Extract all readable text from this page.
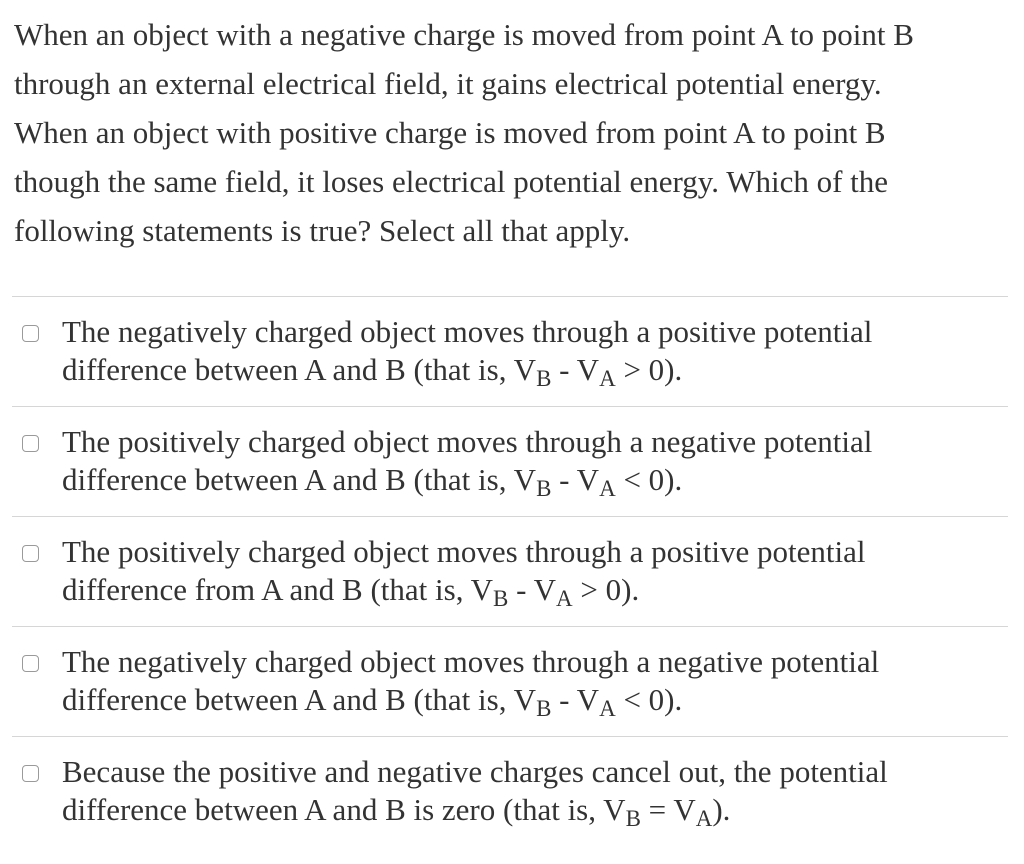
When an object with a negative charge is moved from point A to point B
through an external electrical field, it gains electrical potential energy.
When an object with positive charge is moved from point A to point B
though the same field, it loses electrical potential energy. Which of the
following statements is true? Select all that apply.
The negatively charged object moves through a positive potential
difference between A and B (that is, VB - VA > 0).
The positively charged object moves through a negative potential
difference between A and B (that is, VB - VA < 0).
The positively charged object moves through a positive potential
difference from A and B (that is, VB - VA > 0).
The negatively charged object moves through a negative potential
difference between A and B (that is, VB - VA < 0).
Because the positive and negative charges cancel out, the potential
difference between A and B is zero (that is, VB = VA).
